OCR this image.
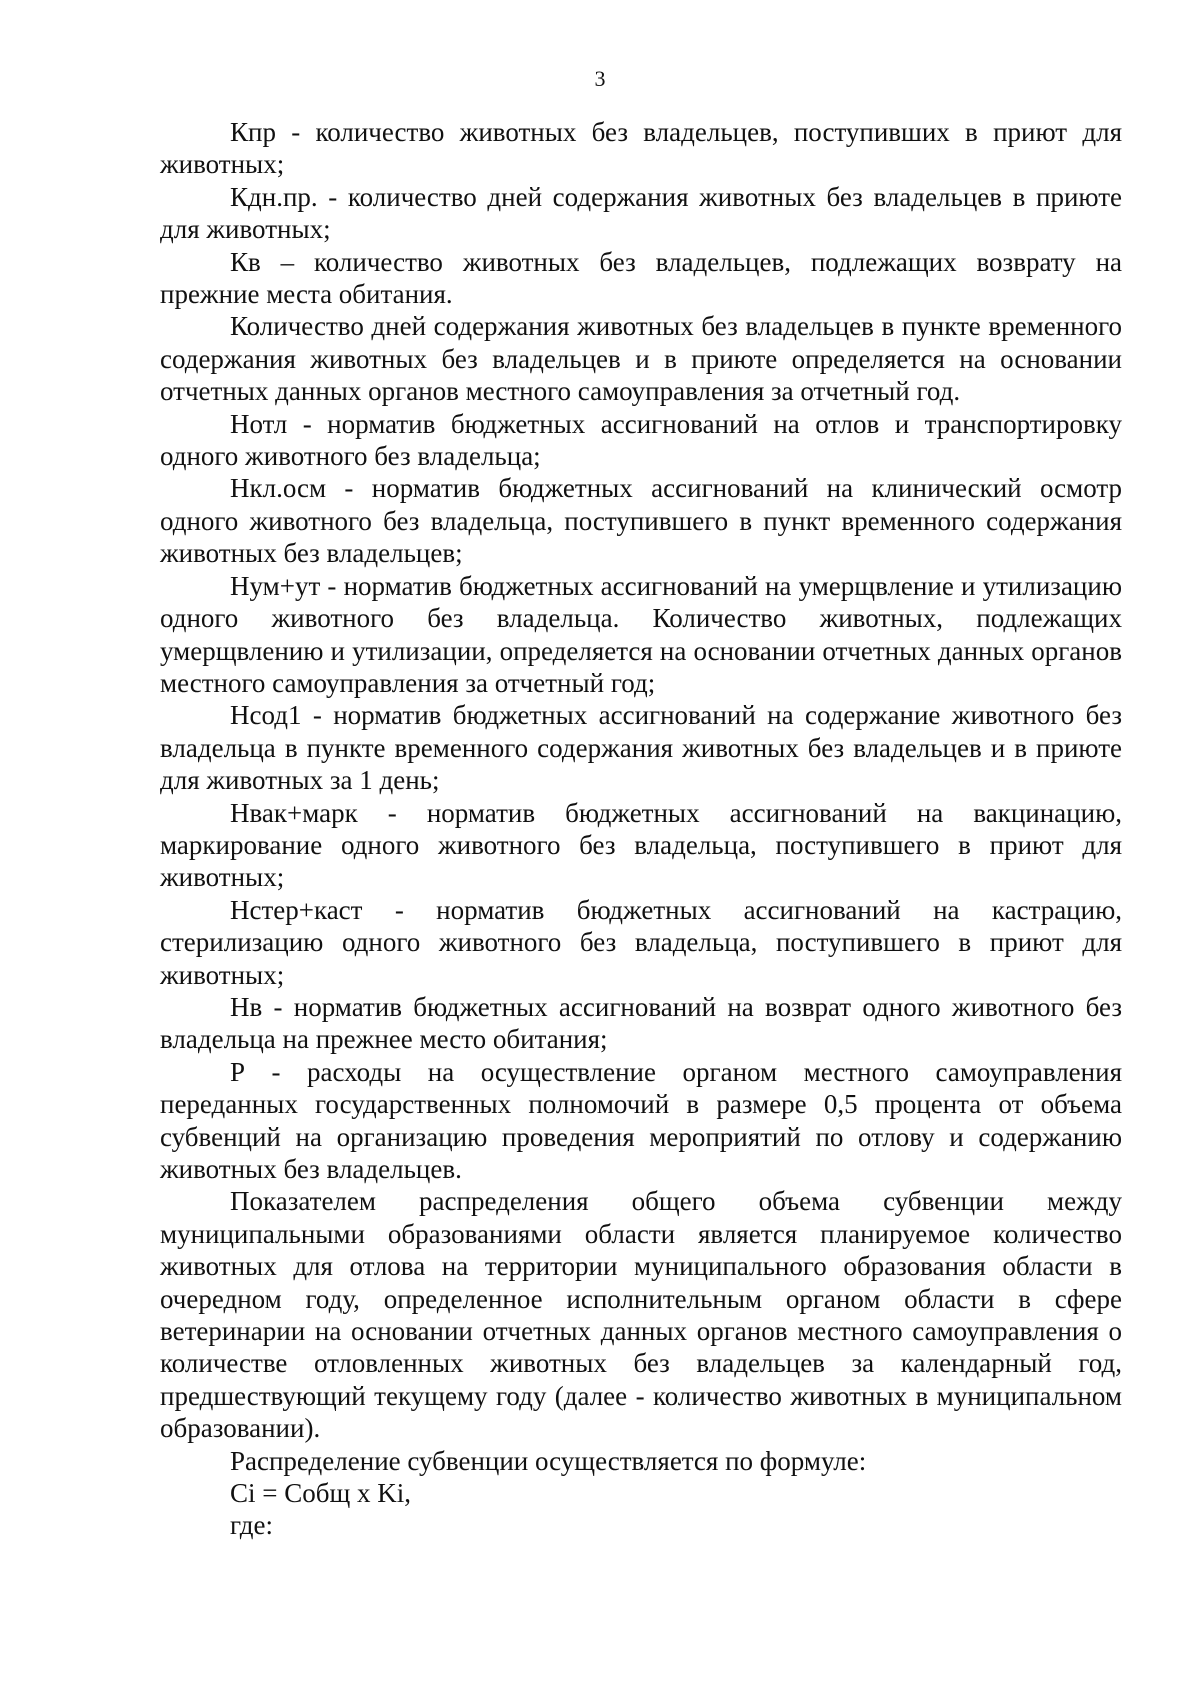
3

Кпр - количество животных без владельцев, поступивших в приют для животных;

Кдн.пр. - количество дней содержания животных без владельцев в приюте для животных;

Кв – количество животных без владельцев, подлежащих возврату на прежние места обитания.

Количество дней содержания животных без владельцев в пункте временного содержания животных без владельцев и в приюте определяется на основании отчетных данных органов местного самоуправления за отчетный год.

Нотл - норматив бюджетных ассигнований на отлов и транспортировку одного животного без владельца;

Нкл.осм - норматив бюджетных ассигнований на клинический осмотр одного животного без владельца, поступившего в пункт временного содержания животных без владельцев;

Нум+ут - норматив бюджетных ассигнований на умерщвление и утилизацию одного животного без владельца. Количество животных, подлежащих умерщвлению и утилизации, определяется на основании отчетных данных органов местного самоуправления за отчетный год;

Нсод1 - норматив бюджетных ассигнований на содержание животного без владельца в пункте временного содержания животных без владельцев и в приюте для животных за 1 день;

Нвак+марк - норматив бюджетных ассигнований на вакцинацию, маркирование одного животного без владельца, поступившего в приют для животных;

Нстер+каст - норматив бюджетных ассигнований на кастрацию, стерилизацию одного животного без владельца, поступившего в приют для животных;

Нв - норматив бюджетных ассигнований на возврат одного животного без владельца на прежнее место обитания;

Р - расходы на осуществление органом местного самоуправления переданных государственных полномочий в размере 0,5 процента от объема субвенций на организацию проведения мероприятий по отлову и содержанию животных без владельцев.

Показателем распределения общего объема субвенции между муниципальными образованиями области является планируемое количество животных для отлова на территории муниципального образования области в очередном году, определенное исполнительным органом области в сфере ветеринарии на основании отчетных данных органов местного самоуправления о количестве отловленных животных без владельцев за календарный год, предшествующий текущему году (далее - количество животных в муниципальном образовании).

Распределение субвенции осуществляется по формуле:

Ci = Собщ x Ki,

где:
